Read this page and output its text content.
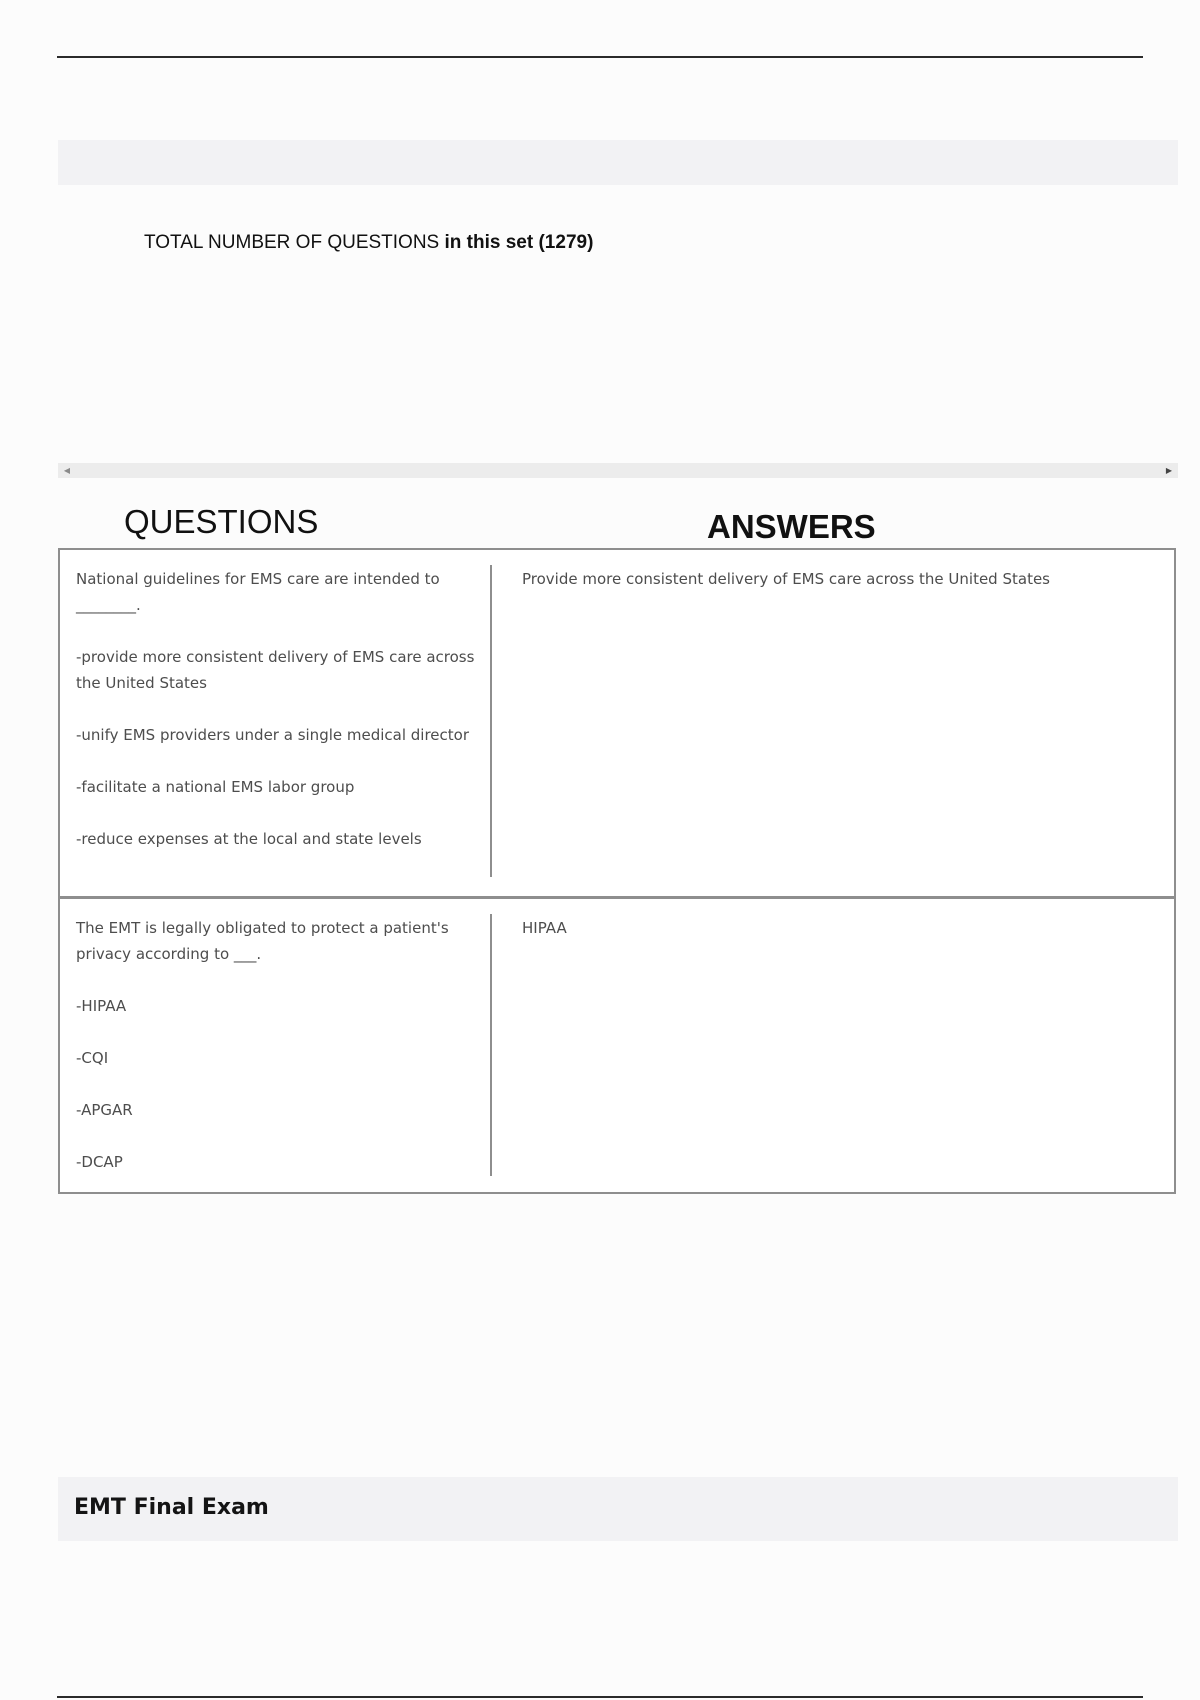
TOTAL NUMBER OF QUESTIONS in this set (1279)
◀	▶
QUESTIONS	ANSWERS

National guidelines for EMS care are intended to ________.

-provide more consistent delivery of EMS care across the United States

-unify EMS providers under a single medical director

-facilitate a national EMS labor group

-reduce expenses at the local and state levels

Provide more consistent delivery of EMS care across the United States

The EMT is legally obligated to protect a patient's privacy according to ___.

-HIPAA

-CQI

-APGAR

-DCAP

HIPAA
EMT Final Exam
